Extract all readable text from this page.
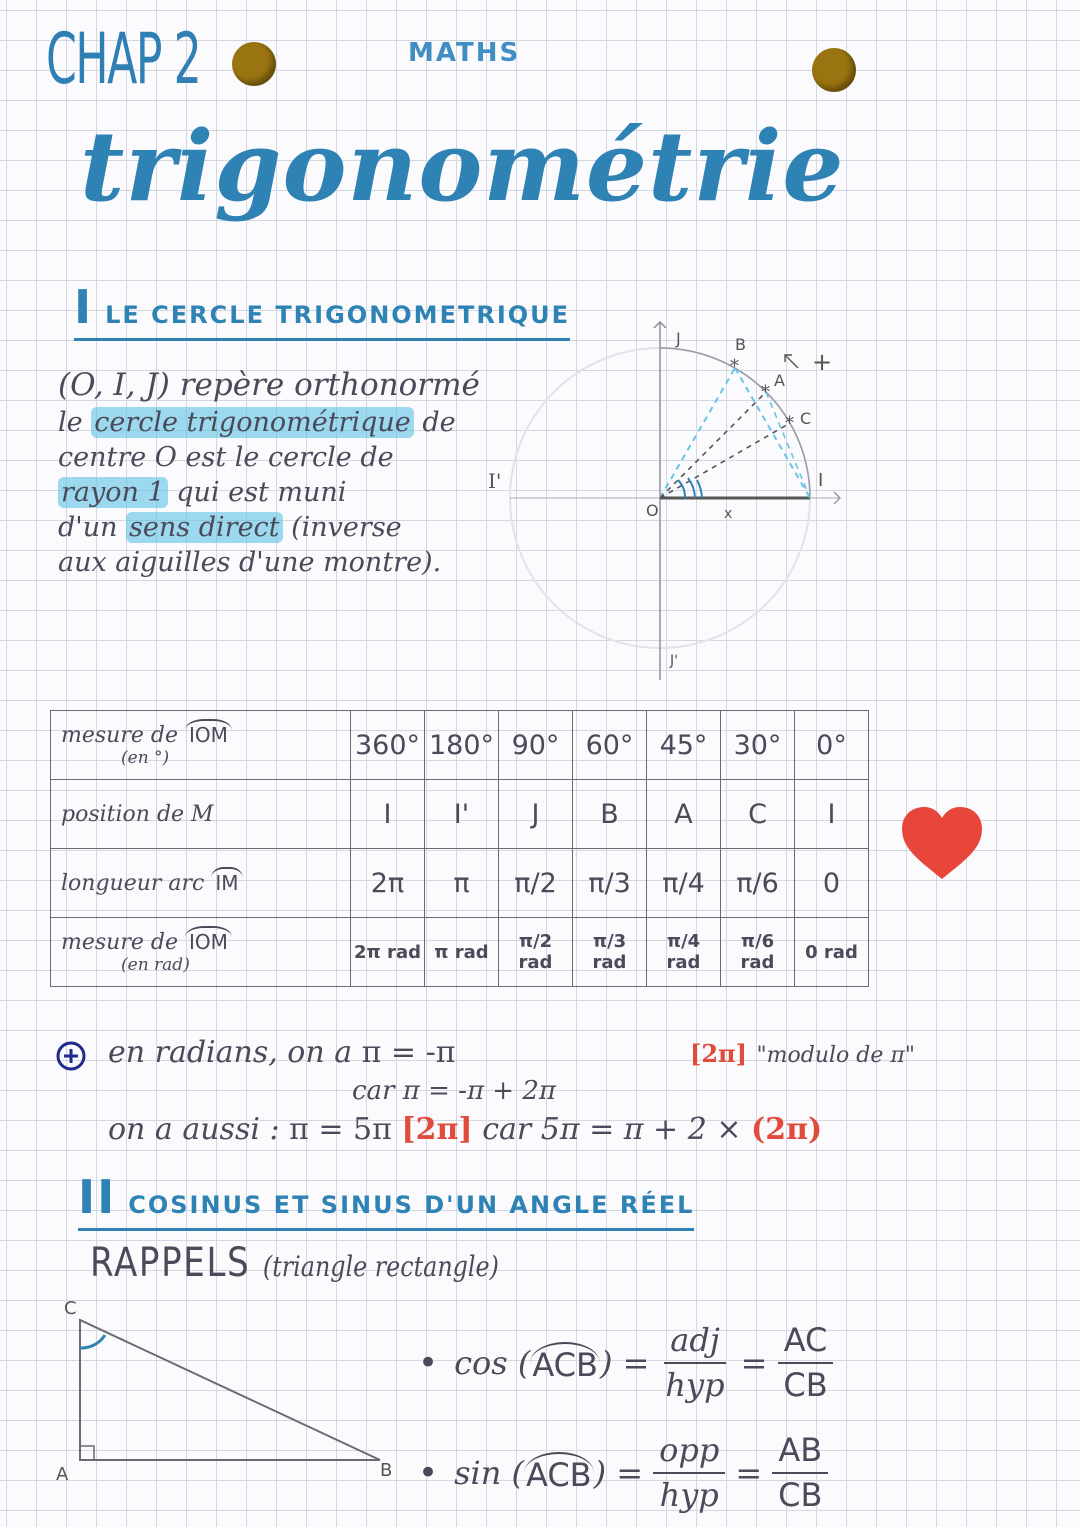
CHAP 2	MATHS
trigonométrie
I LE CERCLE TRIGONOMETRIQUE
(O, I, J) repère orthonormé
le cercle trigonométrique de
centre O est le cercle de
rayon 1 qui est muni
d'un sens direct (inverse
aux aiguilles d'une montre).
*
*
*
J
J'
I
I'
O
A
B
C
x
+
mesure de IOM
(en °)	360°	180°	90°	60°	45°	30°	0°
position de M	I	I'	J	B	A	C	I
longueur arc IM	2π	π	π/2	π/3	π/4	π/6	0
mesure de IOM
(en rad)	2π rad	π rad	π/2 rad	π/3 rad	π/4 rad	π/6 rad	0 rad
en radians, on a π = -π	[2π] "modulo de π"
car π = -π + 2π
on a aussi : π = 5π [2π] car 5π = π + 2 × (2π)
II COSINUS ET SINUS D'UN ANGLE RÉEL
RAPPELS (triangle rectangle)
C
A	B
• cos ( ACB ) =
adj
hyp
= $\frac{AC}{CB}$
• sin ( ACB ) =
opp
hyp
= $\frac{AB}{CB}$
